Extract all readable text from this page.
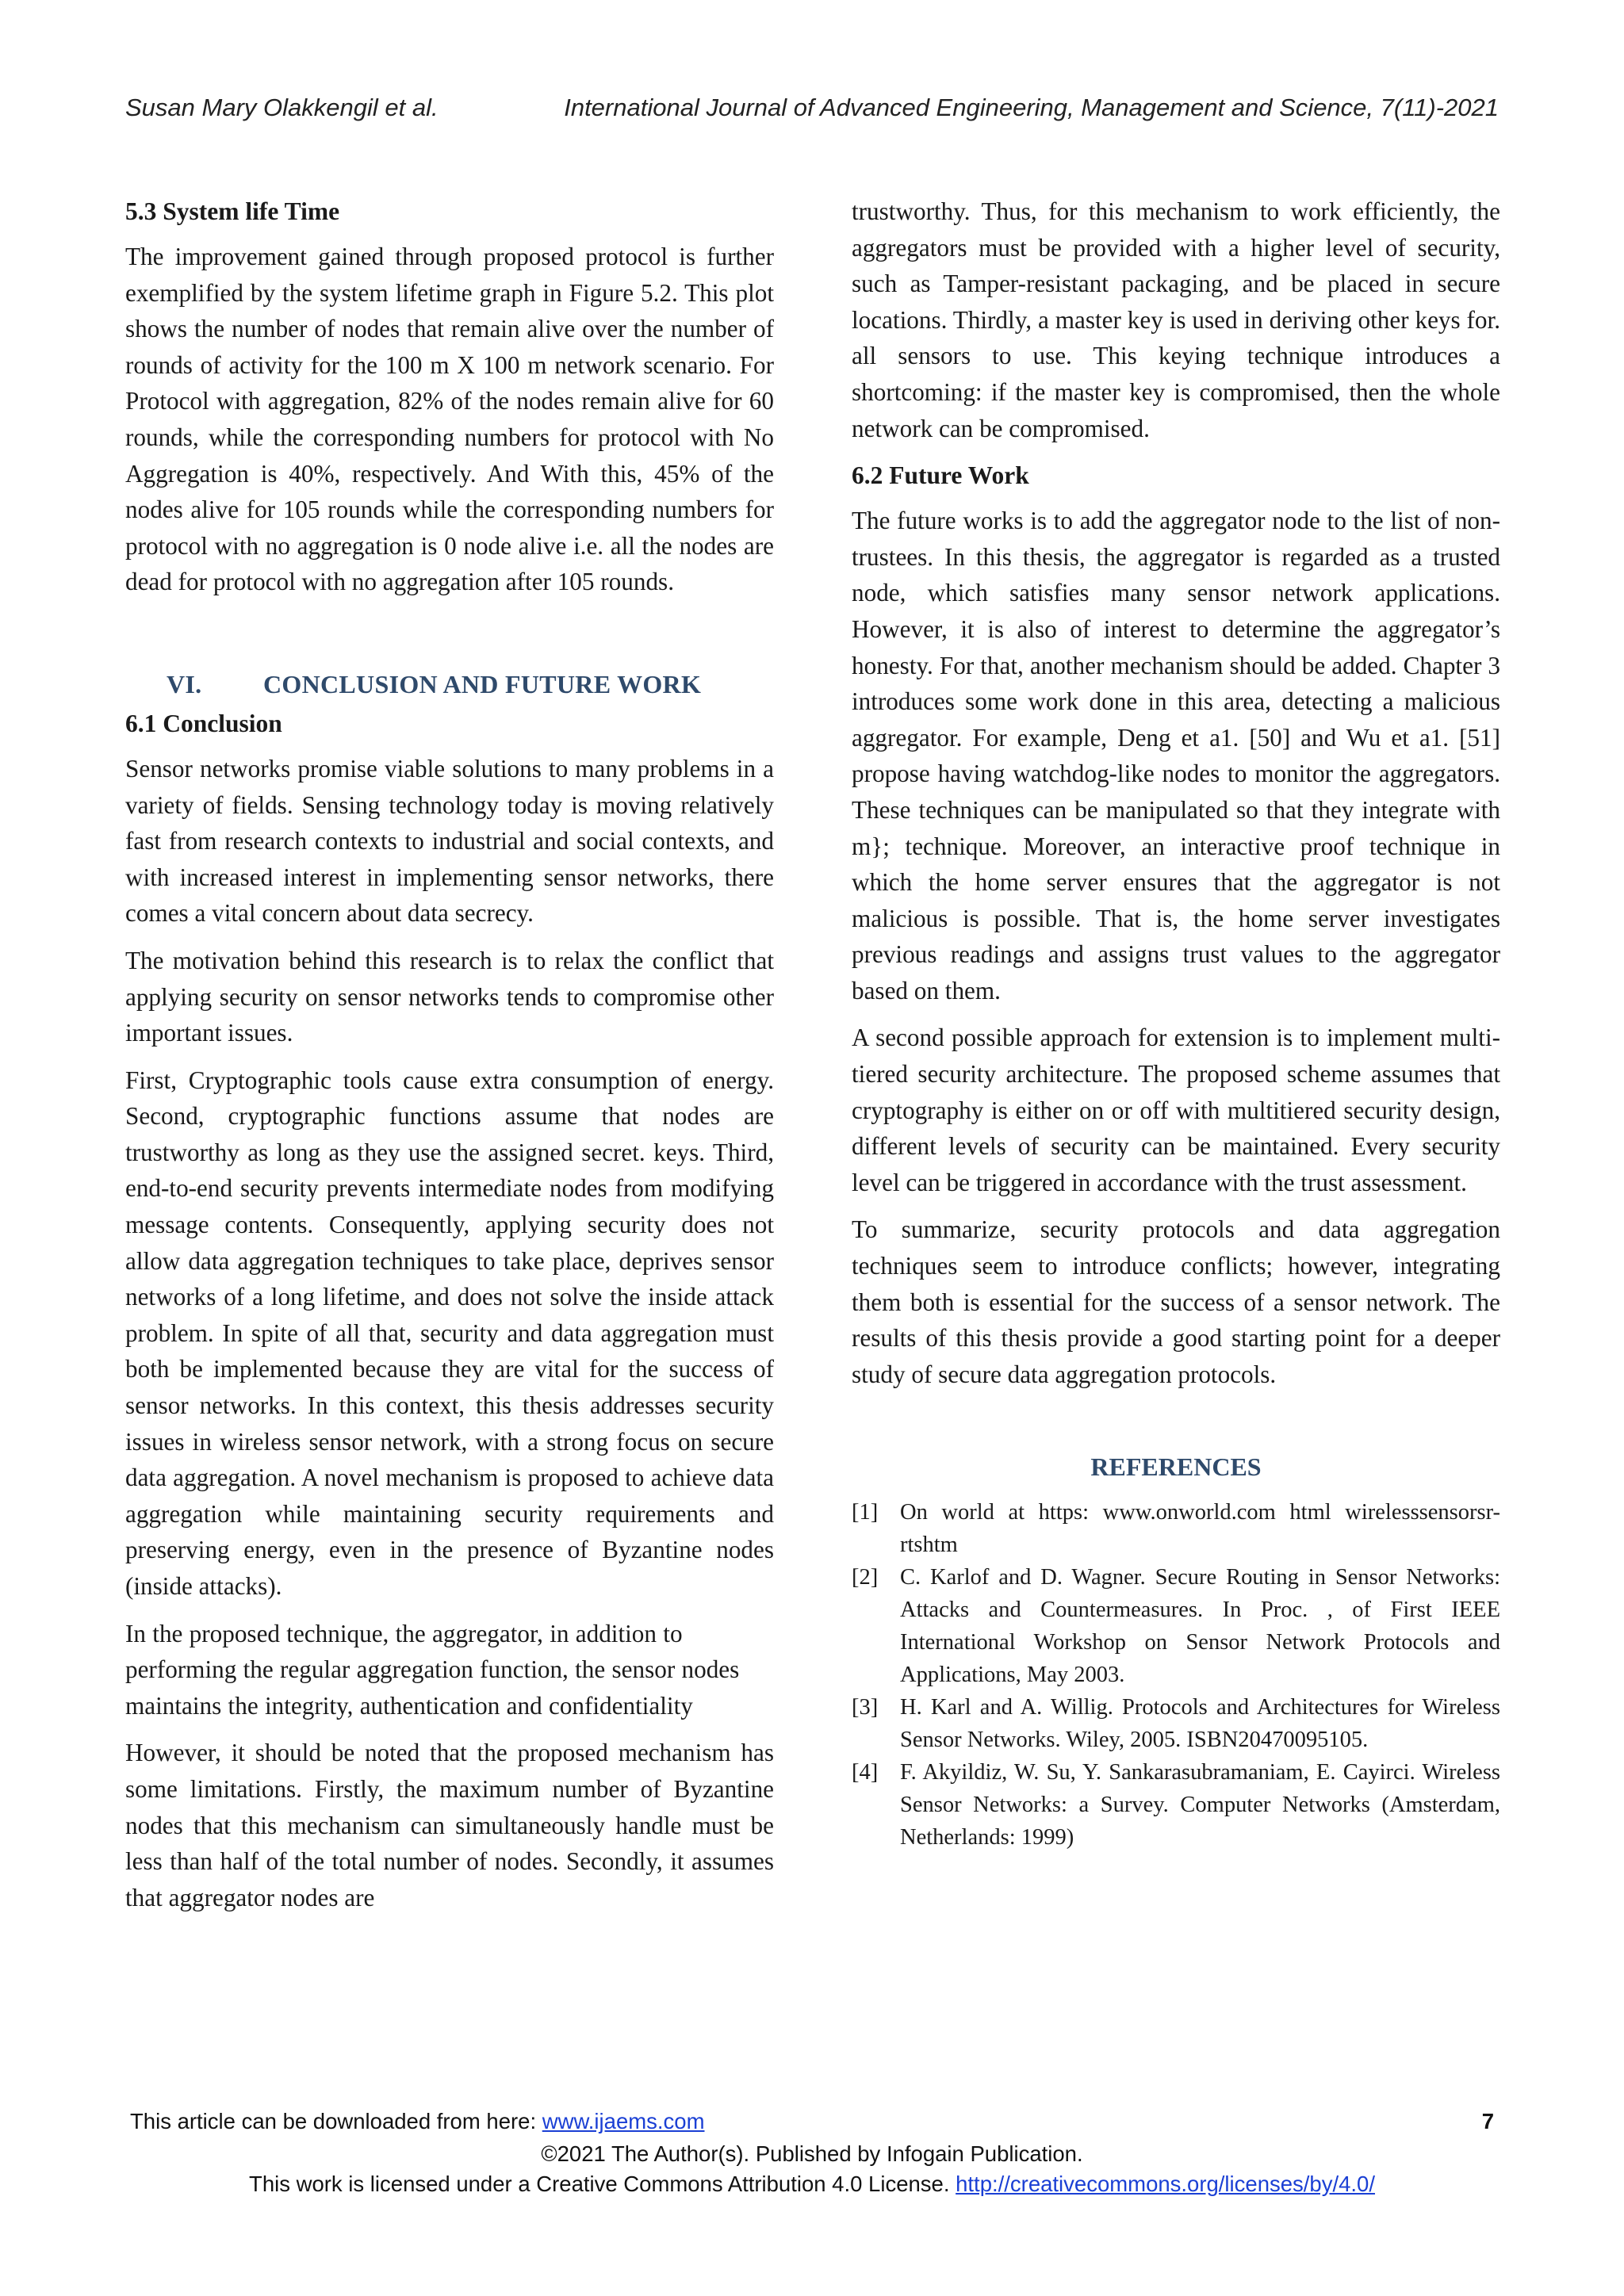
Susan Mary Olakkengil et al.	International Journal of Advanced Engineering, Management and Science, 7(11)-2021
5.3 System life Time

The improvement gained through proposed protocol is further exemplified by the system lifetime graph in Figure 5.2. This plot shows the number of nodes that remain alive over the number of rounds of activity for the 100 m X 100 m network scenario. For Protocol with aggregation, 82% of the nodes remain alive for 60 rounds, while the corresponding numbers for protocol with No Aggregation is 40%, respectively. And With this, 45% of the nodes alive for 105 rounds while the corresponding numbers for protocol with no aggregation is 0 node alive i.e. all the nodes are dead for protocol with no aggregation after 105 rounds.

VI. CONCLUSION AND FUTURE WORK
6.1 Conclusion

Sensor networks promise viable solutions to many problems in a variety of fields. Sensing technology today is moving relatively fast from research contexts to industrial and social contexts, and with increased interest in implementing sensor networks, there comes a vital concern about data secrecy.

The motivation behind this research is to relax the conflict that applying security on sensor networks tends to compromise other important issues.

First, Cryptographic tools cause extra consumption of energy. Second, cryptographic functions assume that nodes are trustworthy as long as they use the assigned secret. keys. Third, end-to-end security prevents intermediate nodes from modifying message contents. Consequently, applying security does not allow data aggregation techniques to take place, deprives sensor networks of a long lifetime, and does not solve the inside attack problem. In spite of all that, security and data aggregation must both be implemented because they are vital for the success of sensor networks. In this context, this thesis addresses security issues in wireless sensor network, with a strong focus on secure data aggregation. A novel mechanism is proposed to achieve data aggregation while maintaining security requirements and preserving energy, even in the presence of Byzantine nodes (inside attacks).

In the proposed technique, the aggregator, in addition to performing the regular aggregation function, the sensor nodes maintains the integrity, authentication and confidentiality

However, it should be noted that the proposed mechanism has some limitations. Firstly, the maximum number of Byzantine nodes that this mechanism can simultaneously handle must be less than half of the total number of nodes. Secondly, it assumes that aggregator nodes are

trustworthy. Thus, for this mechanism to work efficiently, the aggregators must be provided with a higher level of security, such as Tamper-resistant packaging, and be placed in secure locations. Thirdly, a master key is used in deriving other keys for. all sensors to use. This keying technique introduces a shortcoming: if the master key is compromised, then the whole network can be compromised.

6.2 Future Work

The future works is to add the aggregator node to the list of non-trustees. In this thesis, the aggregator is regarded as a trusted node, which satisfies many sensor network applications. However, it is also of interest to determine the aggregator’s honesty. For that, another mechanism should be added. Chapter 3 introduces some work done in this area, detecting a malicious aggregator. For example, Deng et a1. [50] and Wu et a1. [51] propose having watchdog-like nodes to monitor the aggregators. These techniques can be manipulated so that they integrate with m}; technique. Moreover, an interactive proof technique in which the home server ensures that the aggregator is not malicious is possible. That is, the home server investigates previous readings and assigns trust values to the aggregator based on them.

A second possible approach for extension is to implement multi-tiered security architecture. The proposed scheme assumes that cryptography is either on or off with multitiered security design, different levels of security can be maintained. Every security level can be triggered in accordance with the trust assessment.

To summarize, security protocols and data aggregation techniques seem to introduce conflicts; however, integrating them both is essential for the success of a sensor network. The results of this thesis provide a good starting point for a deeper study of secure data aggregation protocols.

REFERENCES
[1] On world at https: www.onworld.com html wirelesssensorsr-rtshtm
[2] C. Karlof and D. Wagner. Secure Routing in Sensor Networks: Attacks and Countermeasures. In Proc. , of First IEEE International Workshop on Sensor Network Protocols and Applications, May 2003.
[3] H. Karl and A. Willig. Protocols and Architectures for Wireless Sensor Networks. Wiley, 2005. ISBN20470095105.
[4] F. Akyildiz, W. Su, Y. Sankarasubramaniam, E. Cayirci. Wireless Sensor Networks: a Survey. Computer Networks (Amsterdam, Netherlands: 1999)
This article can be downloaded from here: www.ijaems.com	7
©2021 The Author(s). Published by Infogain Publication.
This work is licensed under a Creative Commons Attribution 4.0 License. http://creativecommons.org/licenses/by/4.0/
